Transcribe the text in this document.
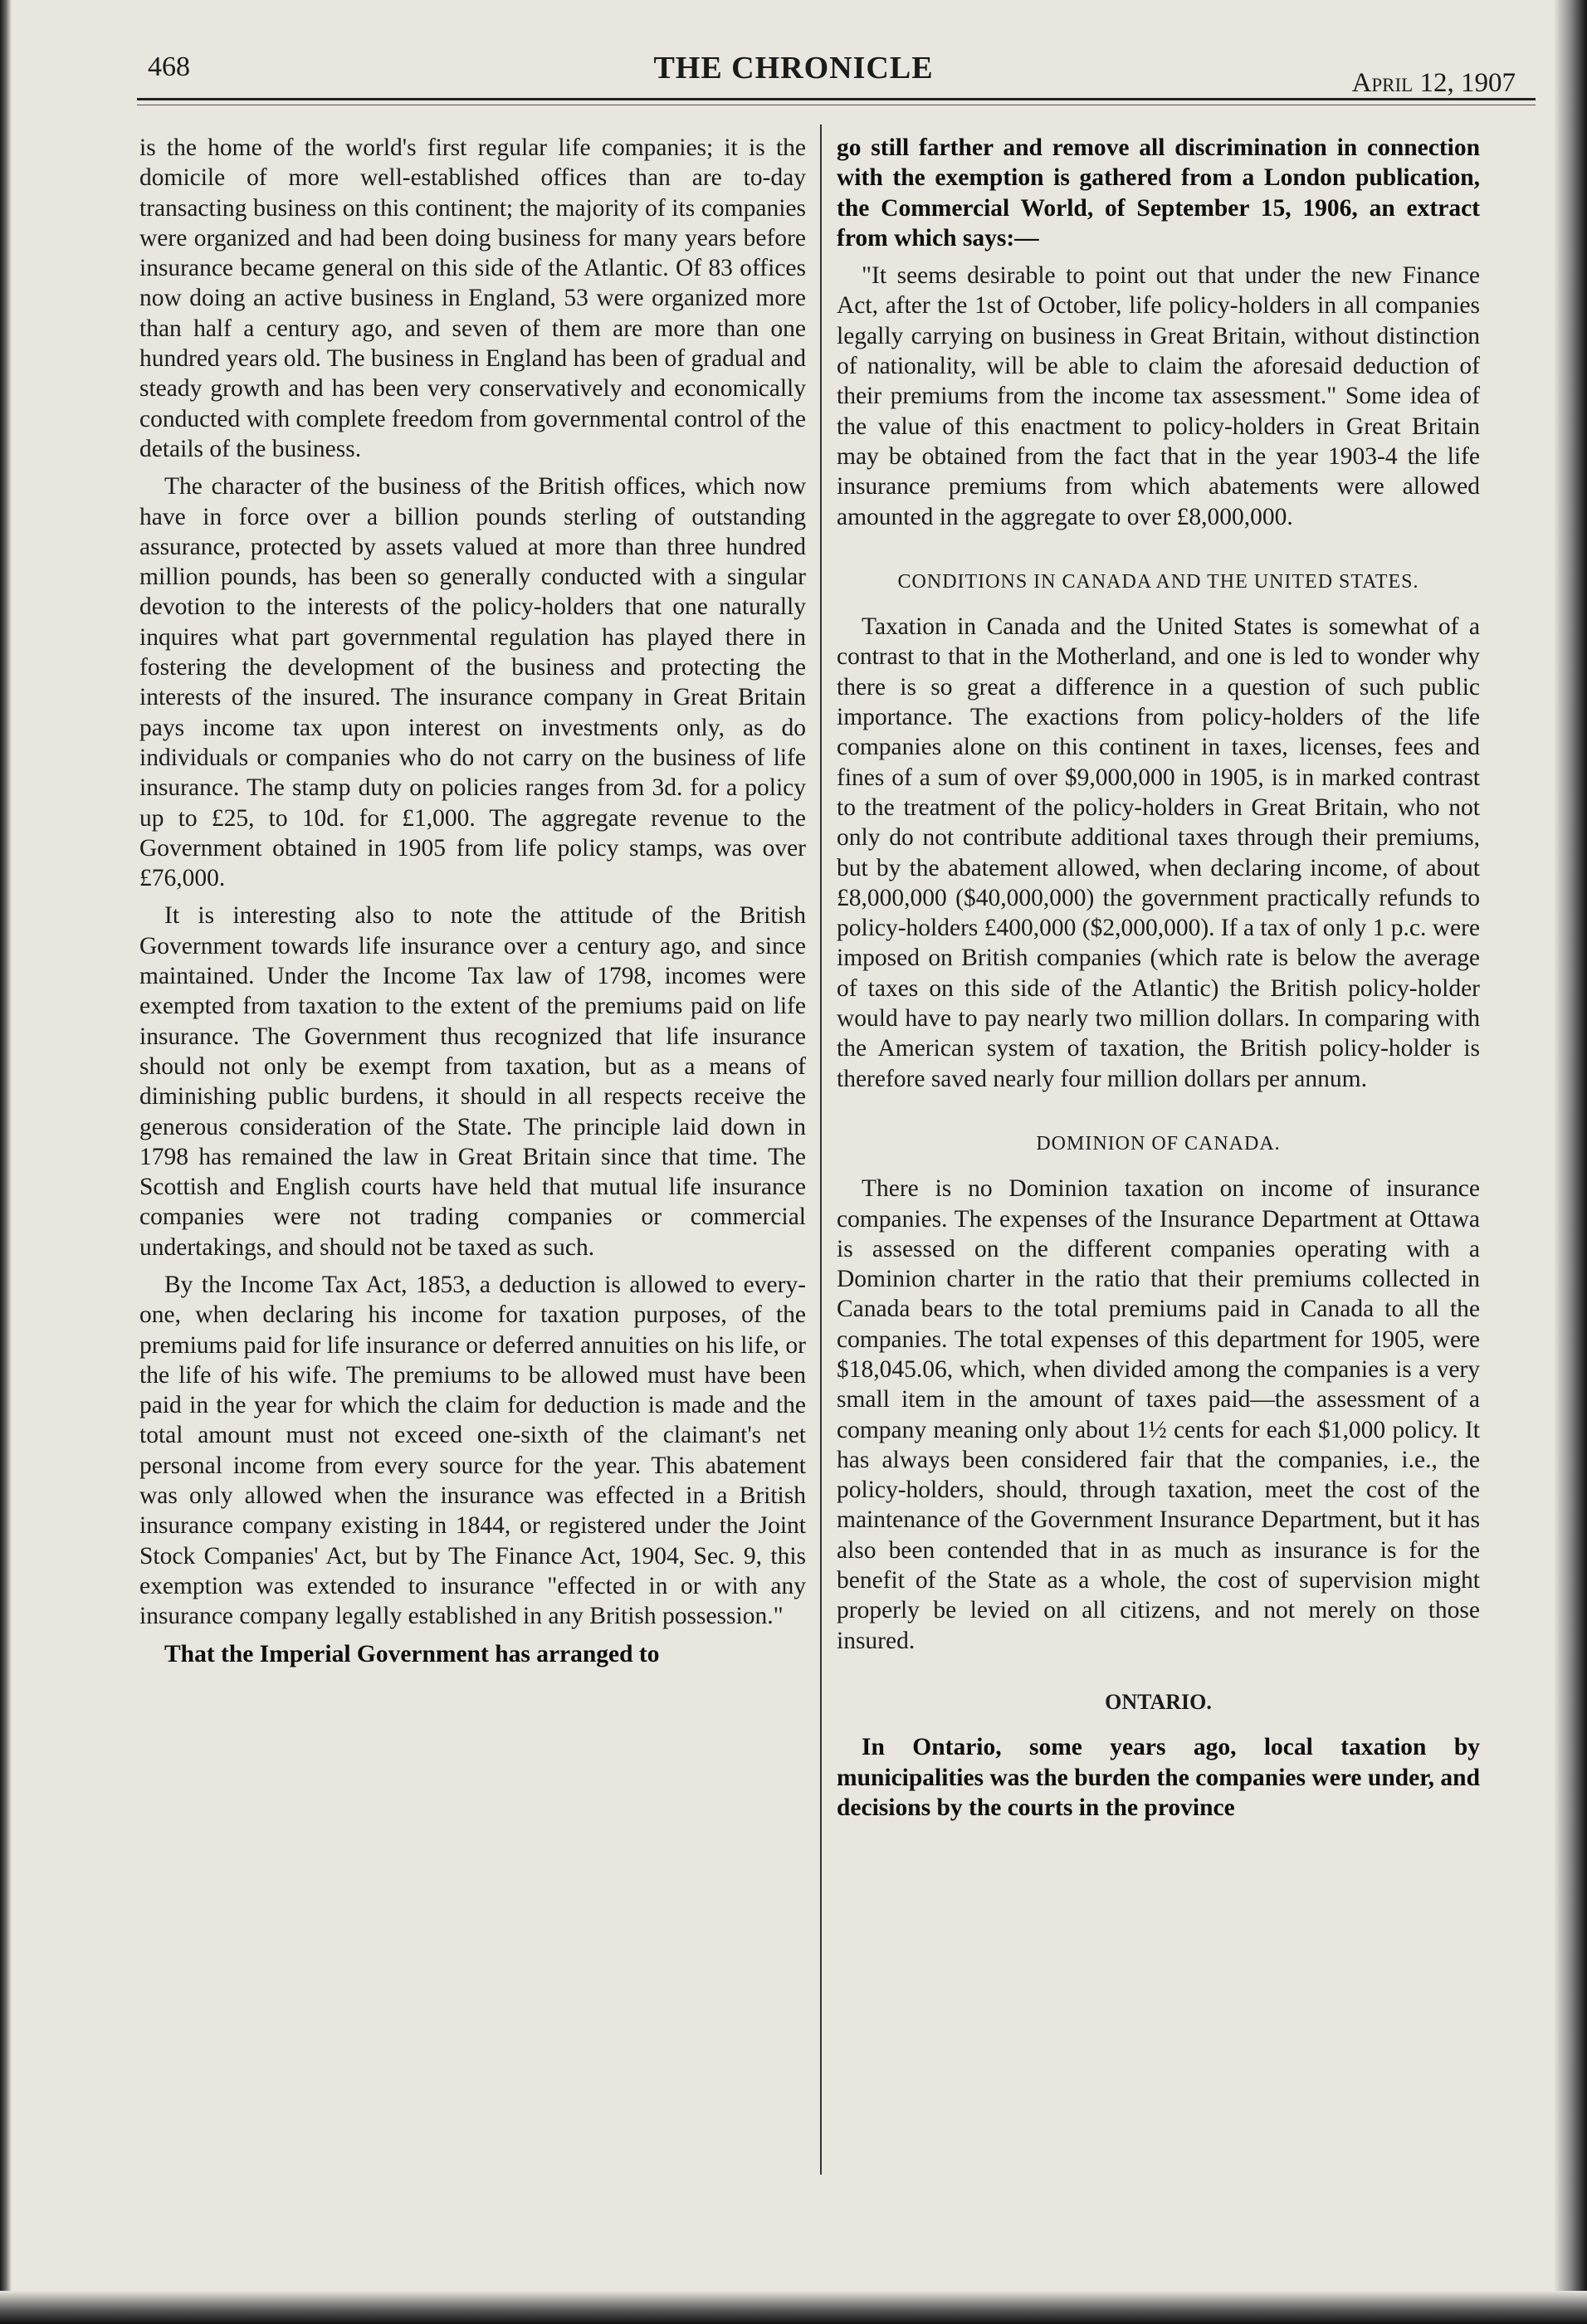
468	THE CHRONICLE	April 12, 1907

is the home of the world's first regular life companies; it is the domicile of more well-established offices than are to-day transacting business on this continent; the majority of its companies were organized and had been doing business for many years before insurance became general on this side of the Atlantic. Of 83 offices now doing an active business in England, 53 were organized more than half a century ago, and seven of them are more than one hundred years old. The business in England has been of gradual and steady growth and has been very conservatively and economically conducted with complete freedom from governmental control of the details of the business.

The character of the business of the British offices, which now have in force over a billion pounds sterling of outstanding assurance, protected by assets valued at more than three hundred million pounds, has been so generally conducted with a singular devotion to the interests of the policy-holders that one naturally inquires what part governmental regulation has played there in fostering the development of the business and protecting the interests of the insured. The insurance company in Great Britain pays income tax upon interest on investments only, as do individuals or companies who do not carry on the business of life insurance. The stamp duty on policies ranges from 3d. for a policy up to £25, to 10d. for £1,000. The aggregate revenue to the Government obtained in 1905 from life policy stamps, was over £76,000.

It is interesting also to note the attitude of the British Government towards life insurance over a century ago, and since maintained. Under the Income Tax law of 1798, incomes were exempted from taxation to the extent of the premiums paid on life insurance. The Government thus recognized that life insurance should not only be exempt from taxation, but as a means of diminishing public burdens, it should in all respects receive the generous consideration of the State. The principle laid down in 1798 has remained the law in Great Britain since that time. The Scottish and English courts have held that mutual life insurance companies were not trading companies or commercial undertakings, and should not be taxed as such.

By the Income Tax Act, 1853, a deduction is allowed to every-one, when declaring his income for taxation purposes, of the premiums paid for life insurance or deferred annuities on his life, or the life of his wife. The premiums to be allowed must have been paid in the year for which the claim for deduction is made and the total amount must not exceed one-sixth of the claimant's net personal income from every source for the year. This abatement was only allowed when the insurance was effected in a British insurance company existing in 1844, or registered under the Joint Stock Companies' Act, but by The Finance Act, 1904, Sec. 9, this exemption was extended to insurance "effected in or with any insurance company legally established in any British possession."

That the Imperial Government has arranged to

go still farther and remove all discrimination in connection with the exemption is gathered from a London publication, the Commercial World, of September 15, 1906, an extract from which says:—

"It seems desirable to point out that under the new Finance Act, after the 1st of October, life policy-holders in all companies legally carrying on business in Great Britain, without distinction of nationality, will be able to claim the aforesaid deduction of their premiums from the income tax assessment." Some idea of the value of this enactment to policy-holders in Great Britain may be obtained from the fact that in the year 1903-4 the life insurance premiums from which abatements were allowed amounted in the aggregate to over £8,000,000.

CONDITIONS IN CANADA AND THE UNITED STATES.

Taxation in Canada and the United States is somewhat of a contrast to that in the Motherland, and one is led to wonder why there is so great a difference in a question of such public importance. The exactions from policy-holders of the life companies alone on this continent in taxes, licenses, fees and fines of a sum of over $9,000,000 in 1905, is in marked contrast to the treatment of the policy-holders in Great Britain, who not only do not contribute additional taxes through their premiums, but by the abatement allowed, when declaring income, of about £8,000,000 ($40,000,000) the government practically refunds to policy-holders £400,000 ($2,000,000). If a tax of only 1 p.c. were imposed on British companies (which rate is below the average of taxes on this side of the Atlantic) the British policy-holder would have to pay nearly two million dollars. In comparing with the American system of taxation, the British policy-holder is therefore saved nearly four million dollars per annum.

DOMINION OF CANADA.

There is no Dominion taxation on income of insurance companies. The expenses of the Insurance Department at Ottawa is assessed on the different companies operating with a Dominion charter in the ratio that their premiums collected in Canada bears to the total premiums paid in Canada to all the companies. The total expenses of this department for 1905, were $18,045.06, which, when divided among the companies is a very small item in the amount of taxes paid—the assessment of a company meaning only about 1½ cents for each $1,000 policy. It has always been considered fair that the companies, i.e., the policy-holders, should, through taxation, meet the cost of the maintenance of the Government Insurance Department, but it has also been contended that in as much as insurance is for the benefit of the State as a whole, the cost of supervision might properly be levied on all citizens, and not merely on those insured.

ONTARIO.

In Ontario, some years ago, local taxation by municipalities was the burden the companies were under, and decisions by the courts in the province
